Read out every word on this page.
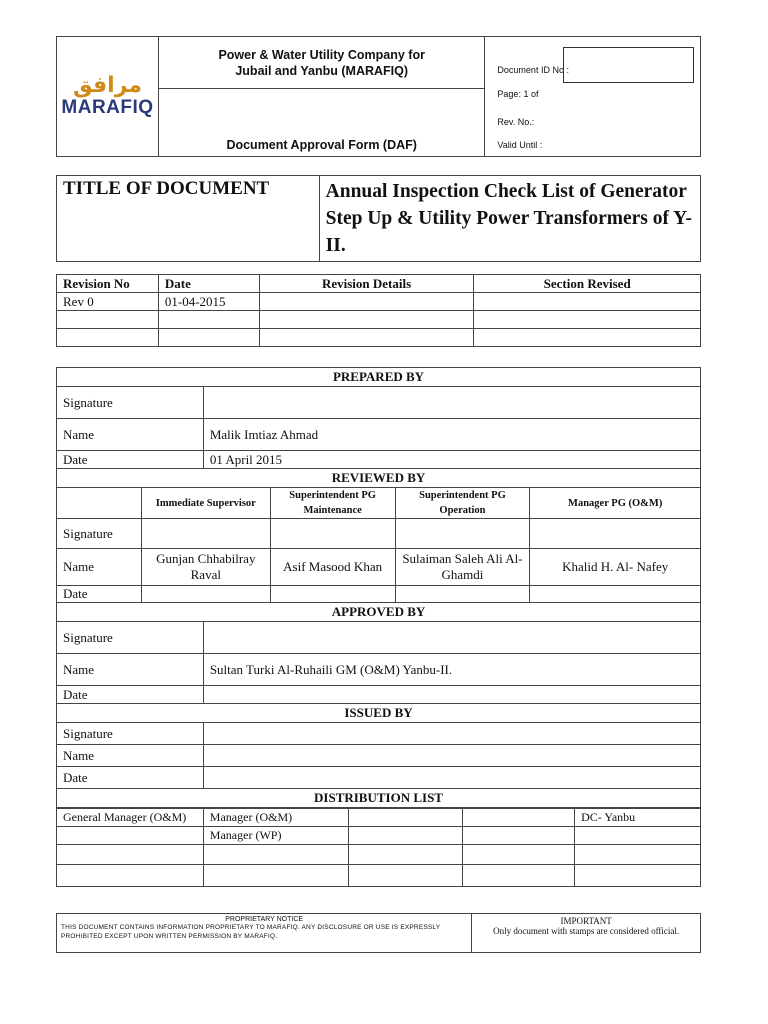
مرافق
MARAFIQ

Power & Water Utility Company for
Jubail and Yanbu (MARAFIQ)	Document ID No :
Page: 1 of
Rev. No.:
Valid Until :

Document Approval Form (DAF)
TITLE OF DOCUMENT	Annual Inspection Check List of Generator Step Up & Utility Power Transformers of Y-II.
Revision No	Date	Revision Details	Section Revised
Rev 0	01-04-2015		

PREPARED BY					
Signature					
Name		Malik Imtiaz Ahmad			
Date		01 April 2015			
REVIEWED BY					
	Immediate Supervisor		Superintendent PG Maintenance	Superintendent PG Operation	Manager PG (O&M)
Signature					
Name	Gunjan Chhabilray Raval		Asif Masood Khan	Sulaiman Saleh Ali Al-Ghamdi	Khalid H. Al- Nafey
Date					
APPROVED BY					
Signature					
Name		Sultan Turki Al-Ruhaili GM (O&M) Yanbu-II.			
Date					
ISSUED BY					
Signature					
Name					
Date					
DISTRIBUTION LIST					
General Manager (O&M)	Manager (O&M)			DC- Yanbu
	Manager (WP)			

PROPRIETARY NOTICE
THIS DOCUMENT CONTAINS INFORMATION PROPRIETARY TO MARAFIQ. ANY DISCLOSURE OR USE IS EXPRESSLY PROHIBITED EXCEPT UPON WRITTEN PERMISSION BY MARAFIQ.

IMPORTANT
Only document with stamps are considered official.
